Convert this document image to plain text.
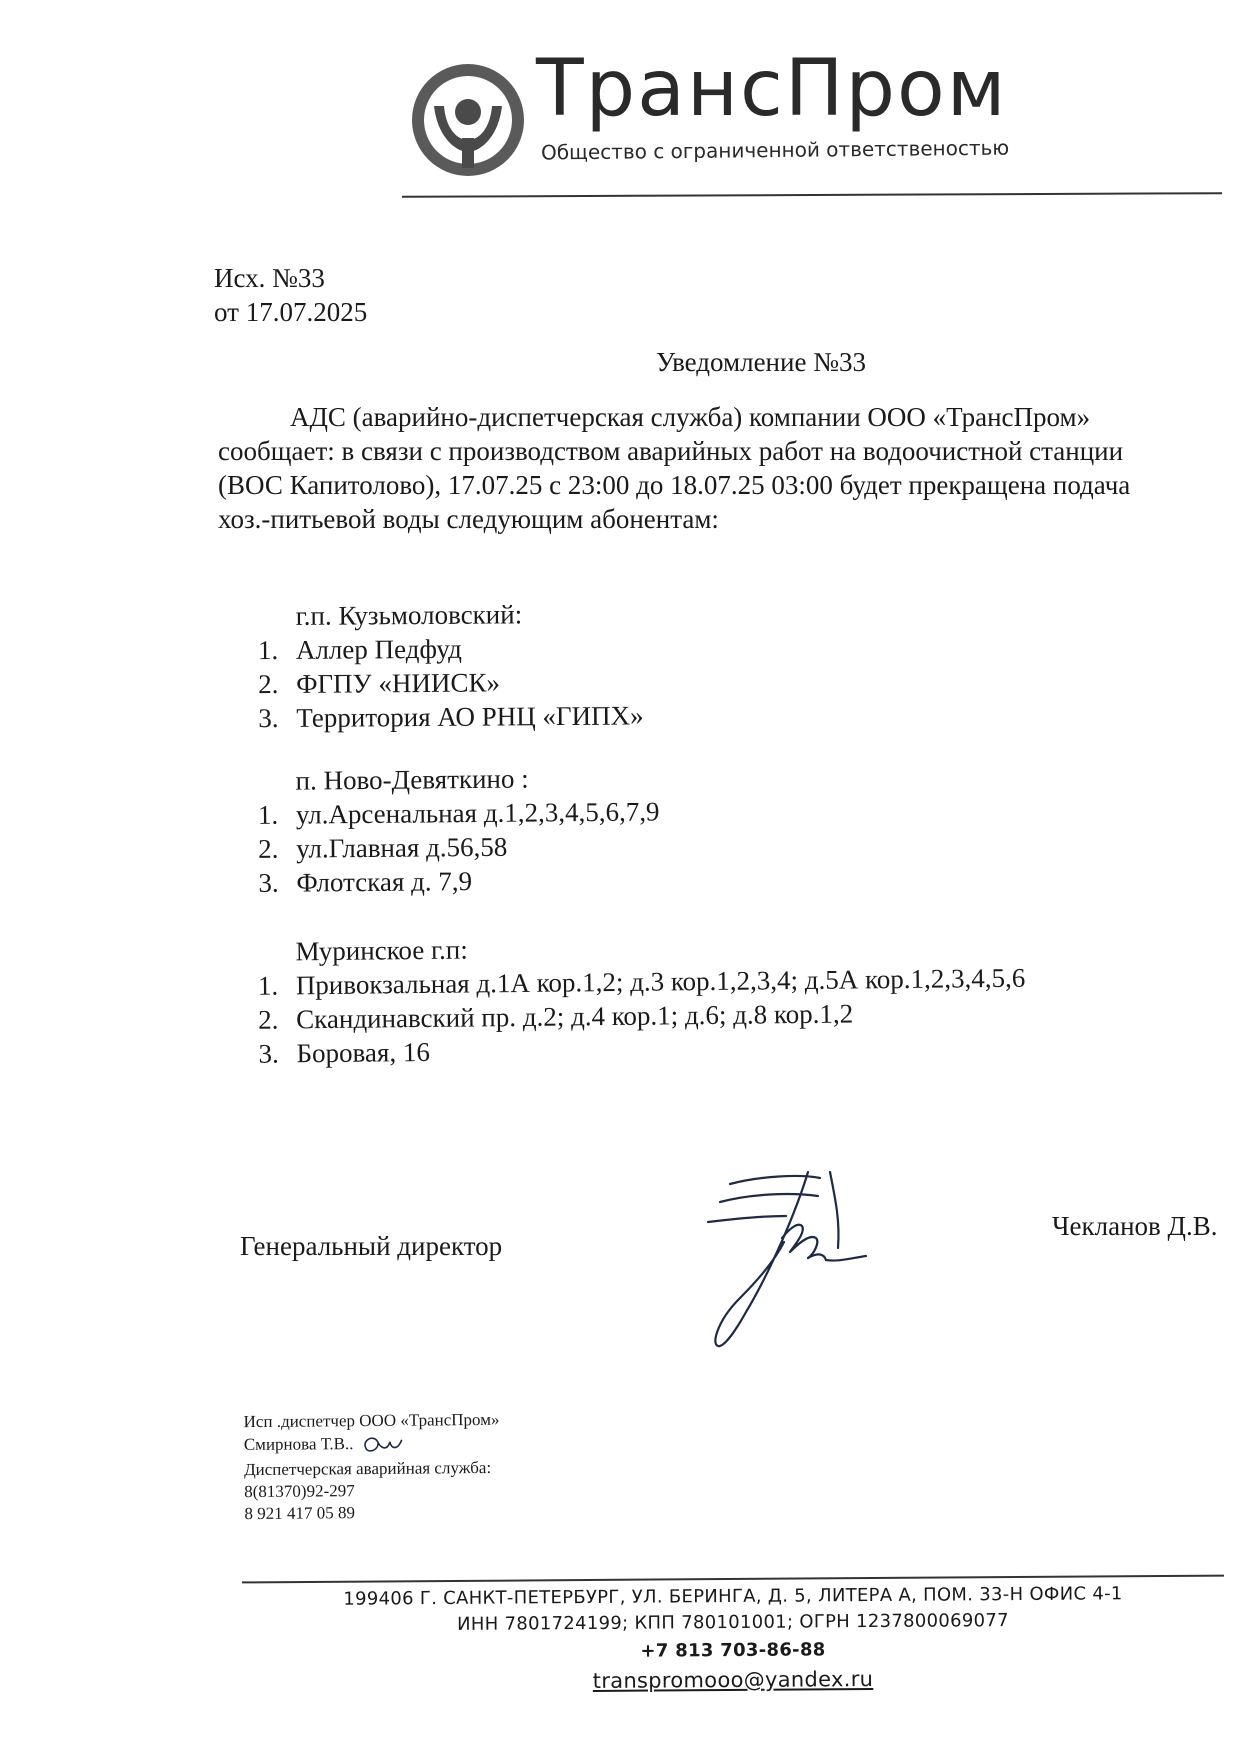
ТрансПром
Общество с ограниченной ответственостью
Исх. №33
от 17.07.2025
Уведомление №33
АДС (аварийно-диспетчерская служба) компании ООО «ТрансПром»
сообщает: в связи с производством аварийных работ на водоочистной станции
(ВОС Капитолово), 17.07.25 с 23:00 до 18.07.25 03:00 будет прекращена подача
хоз.-питьевой воды следующим абонентам:
г.п. Кузьмоловский:
1. Аллер Педфуд
2. ФГПУ «НИИСК»
3. Территория АО РНЦ «ГИПХ»
п. Ново-Девяткино :
1. ул.Арсенальная д.1,2,3,4,5,6,7,9
2. ул.Главная д.56,58
3. Флотская д. 7,9
Муринское г.п:
1. Привокзальная д.1А кор.1,2; д.3 кор.1,2,3,4; д.5А кор.1,2,3,4,5,6
2. Скандинавский пр. д.2; д.4 кор.1; д.6; д.8 кор.1,2
3. Боровая, 16
Генеральный директор
Чекланов Д.В.
Исп .диспетчер ООО «ТрансПром»
Смирнова Т.В..
Диспетчерская аварийная служба:
8(81370)92-297
8 921 417 05 89
199406 Г. САНКТ-ПЕТЕРБУРГ, УЛ. БЕРИНГА, Д. 5, ЛИТЕРА А, ПОМ. 33-Н ОФИС 4-1
ИНН 7801724199; КПП 780101001; ОГРН 1237800069077
+7 813 703-86-88
transpromooo@yandex.ru
